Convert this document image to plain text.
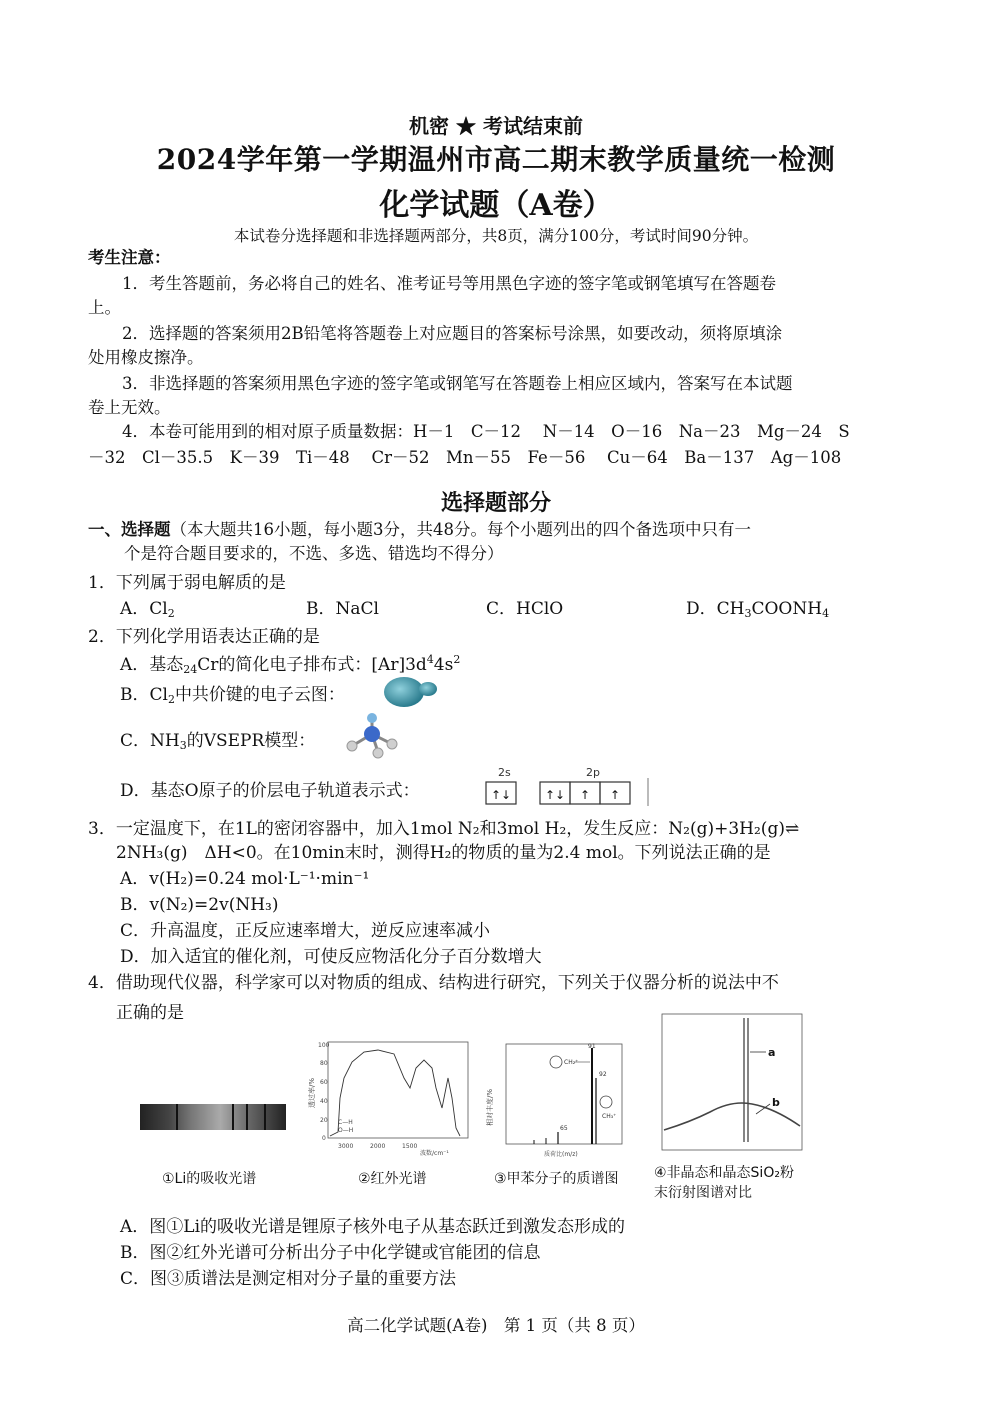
机密 ★ 考试结束前
2024学年第一学期温州市高二期末教学质量统一检测
化学试题（A卷）
本试卷分选择题和非选择题两部分，共8页，满分100分，考试时间90分钟。
考生注意：
1．考生答题前，务必将自己的姓名、准考证号等用黑色字迹的签字笔或钢笔填写在答题卷
上。
2．选择题的答案须用2B铅笔将答题卷上对应题目的答案标号涂黑，如要改动，须将原填涂
处用橡皮擦净。
3．非选择题的答案须用黑色字迹的签字笔或钢笔写在答题卷上相应区域内，答案写在本试题
卷上无效。
4．本卷可能用到的相对原子质量数据：H－1　C－12　 N－14　O－16　Na－23　Mg－24　S
－32　Cl－35.5　K－39　Ti－48　 Cr－52　Mn－55　Fe－56　 Cu－64　Ba－137　Ag－108
选择题部分
一、选择题（本大题共16小题，每小题3分，共48分。每个小题列出的四个备选项中只有一
个是符合题目要求的，不选、多选、错选均不得分）
1．下列属于弱电解质的是
A．$Cl_2$	B．NaCl	C．HClO	D．$CH_3COONH_4$
2．下列化学用语表达正确的是
A．基态$_{24}$Cr的简化电子排布式：$[Ar]3d^44s^2$
B．$Cl_2$中共价键的电子云图：
C．$NH_3$的VSEPR模型：
D．基态O原子的价层电子轨道表示式：
2s	2p
↑↓	↑↓ ↑ ↑
3．一定温度下，在1L的密闭容器中，加入1mol N₂和3mol H₂，发生反应：N₂(g)+3H₂(g)⇌
2NH₃(g)　ΔH<0。在10min末时，测得H₂的物质的量为2.4 mol。下列说法正确的是
A．v(H₂)=0.24 mol·L⁻¹·min⁻¹
B．v(N₂)=2v(NH₃)
C．升高温度，正反应速率增大，逆反应速率减小
D．加入适宜的催化剂，可使反应物活化分子百分数增大
4．借助现代仪器，科学家可以对物质的组成、结构进行研究，下列关于仪器分析的说法中不
正确的是
①Li的吸收光谱
透过率/%
100
80
60
40
20
0
C—H
O—H
3000	2000	1500
波数/cm⁻¹
②红外光谱
相对丰度/%
91
92
65
CH₂⁺
CH₃⁺
质荷比(m/z)
③甲苯分子的质谱图
a
b
④非晶态和晶态SiO₂粉
末衍射图谱对比
A．图①Li的吸收光谱是锂原子核外电子从基态跃迁到激发态形成的
B．图②红外光谱可分析出分子中化学键或官能团的信息
C．图③质谱法是测定相对分子量的重要方法
高二化学试题(A卷)　第 1 页（共 8 页）
